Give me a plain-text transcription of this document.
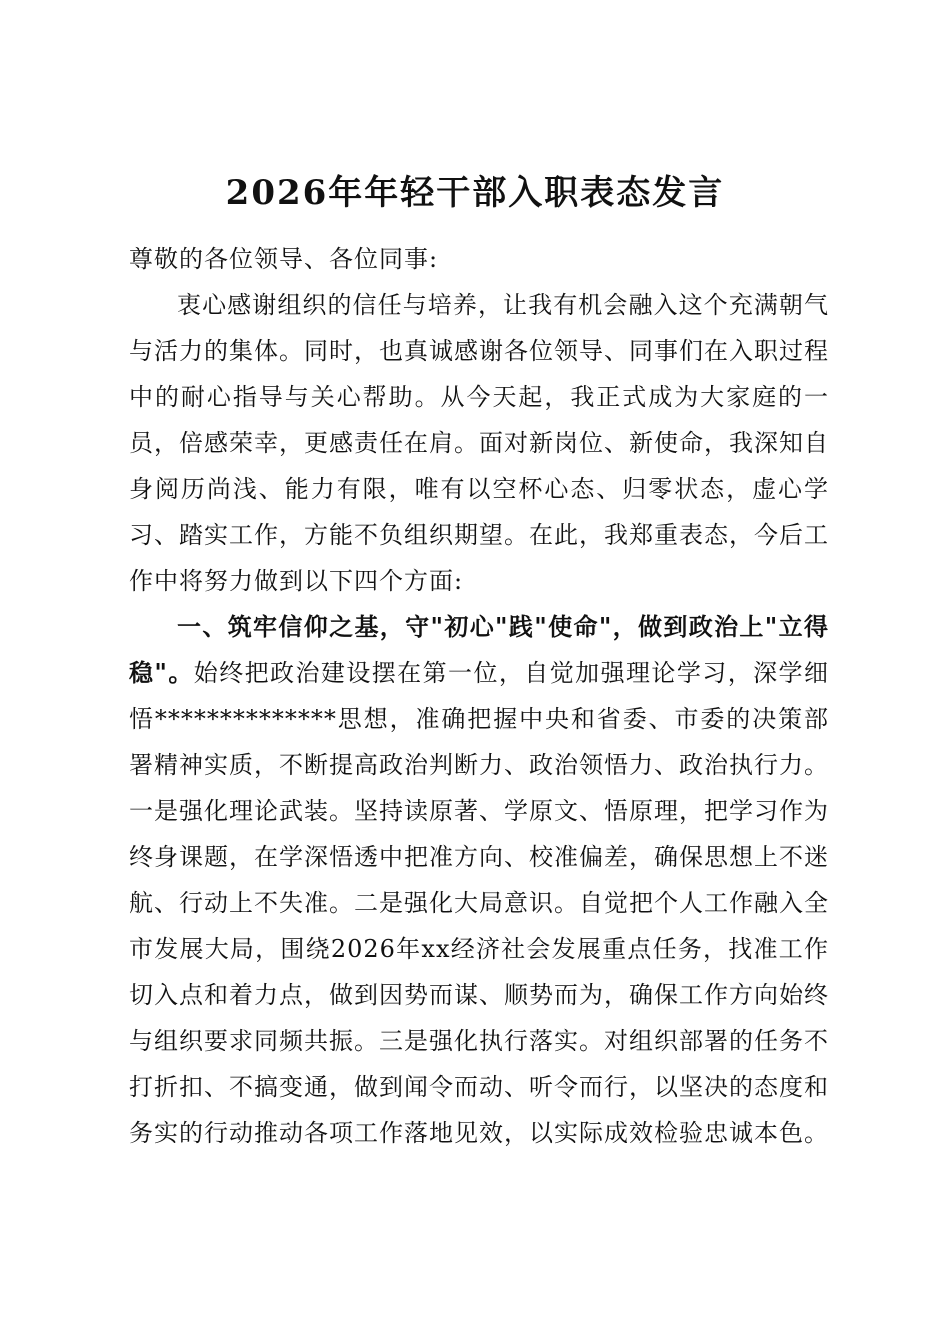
2026年年轻干部入职表态发言

尊敬的各位领导、各位同事:

衷心感谢组织的信任与培养，让我有机会融入这个充满朝气与活力的集体。同时，也真诚感谢各位领导、同事们在入职过程中的耐心指导与关心帮助。从今天起，我正式成为大家庭的一员，倍感荣幸，更感责任在肩。面对新岗位、新使命，我深知自身阅历尚浅、能力有限，唯有以空杯心态、归零状态，虚心学习、踏实工作，方能不负组织期望。在此，我郑重表态，今后工作中将努力做到以下四个方面:

一、筑牢信仰之基，守"初心"践"使命"，做到政治上"立得稳"。始终把政治建设摆在第一位，自觉加强理论学习，深学细悟**************思想，准确把握中央和省委、市委的决策部署精神实质，不断提高政治判断力、政治领悟力、政治执行力。一是强化理论武装。坚持读原著、学原文、悟原理，把学习作为终身课题，在学深悟透中把准方向、校准偏差，确保思想上不迷航、行动上不失准。二是强化大局意识。自觉把个人工作融入全市发展大局，围绕2026年xx经济社会发展重点任务，找准工作切入点和着力点，做到因势而谋、顺势而为，确保工作方向始终与组织要求同频共振。三是强化执行落实。对组织部署的任务不打折扣、不搞变通，做到闻令而动、听令而行，以坚决的态度和务实的行动推动各项工作落地见效，以实际成效检验忠诚本色。
